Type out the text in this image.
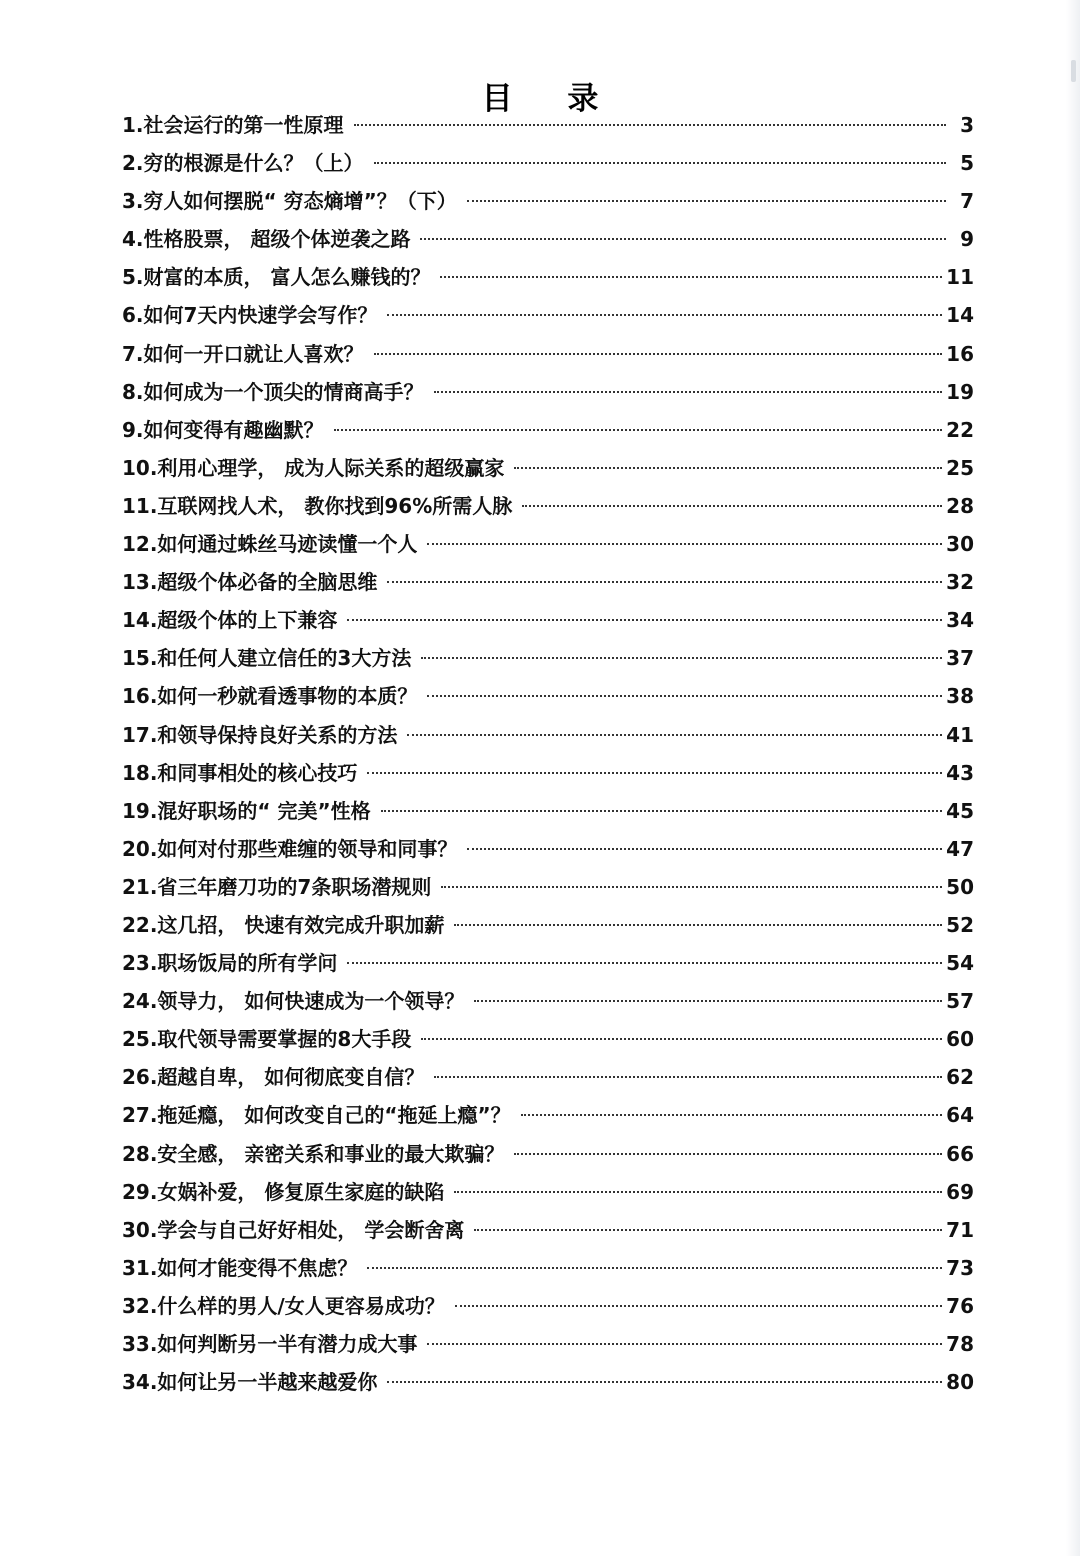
目 录
1.社会运行的第一性原理	3
2.穷的根源是什么？（上）	5
3.穷人如何摆脱“ 穷态熵增”？（下）	7
4.性格股票， 超级个体逆袭之路	9
5.财富的本质， 富人怎么赚钱的？	11
6.如何7天内快速学会写作？	14
7.如何一开口就让人喜欢？	16
8.如何成为一个顶尖的情商高手？	19
9.如何变得有趣幽默？	22
10.利用心理学， 成为人际关系的超级赢家	25
11.互联网找人术， 教你找到96%所需人脉	28
12.如何通过蛛丝马迹读懂一个人	30
13.超级个体必备的全脑思维	32
14.超级个体的上下兼容	34
15.和任何人建立信任的3大方法	37
16.如何一秒就看透事物的本质？	38
17.和领导保持良好关系的方法	41
18.和同事相处的核心技巧	43
19.混好职场的“ 完美”性格	45
20.如何对付那些难缠的领导和同事？	47
21.省三年磨刀功的7条职场潜规则	50
22.这几招， 快速有效完成升职加薪	52
23.职场饭局的所有学问	54
24.领导力， 如何快速成为一个领导？	57
25.取代领导需要掌握的8大手段	60
26.超越自卑， 如何彻底变自信？	62
27.拖延瘾， 如何改变自己的“拖延上瘾”？	64
28.安全感， 亲密关系和事业的最大欺骗？	66
29.女娲补爱， 修复原生家庭的缺陷	69
30.学会与自己好好相处， 学会断舍离	71
31.如何才能变得不焦虑？	73
32.什么样的男人/女人更容易成功？	76
33.如何判断另一半有潜力成大事	78
34.如何让另一半越来越爱你	80
